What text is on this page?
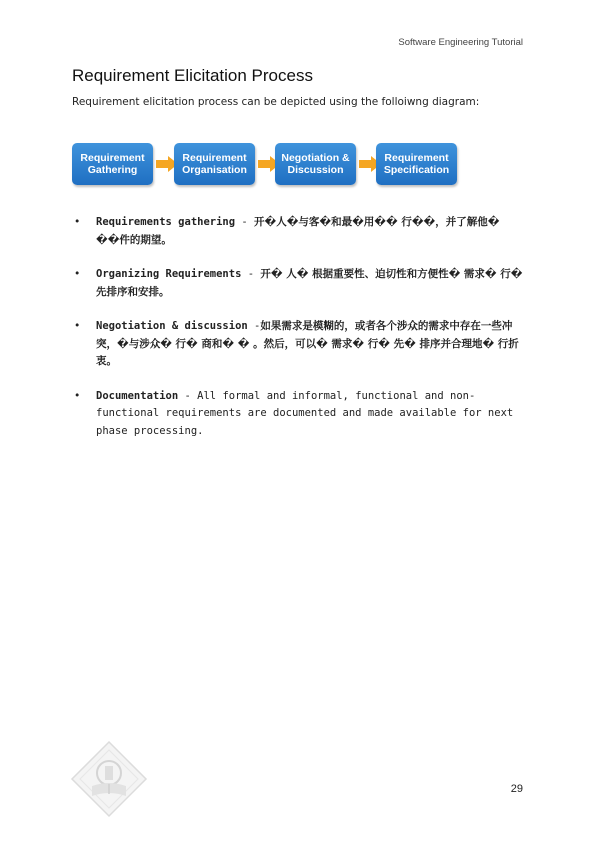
Software Engineering Tutorial
Requirement Elicitation Process
Requirement elicitation process can be depicted using the folloiwng diagram:
Requirement
Gathering
Requirement
Organisation
Negotiation &
Discussion
Requirement
Specification
• Requirements gathering - 开�人�与客�和最�用�� 行��，并了解他� ��件的期望。
• Organizing Requirements - 开� 人� 根据重要性、迫切性和方便性� 需求� 行�先排序和安排。
• Negotiation & discussion -如果需求是模糊的，或者各个涉众的需求中存在一些冲突，�与涉众� 行� 商和� � 。然后，可以� 需求� 行� 先� 排序并合理地� 行折衷。
• Documentation - All formal and informal, functional and non-functional requirements are documented and made available for next phase processing.
29
